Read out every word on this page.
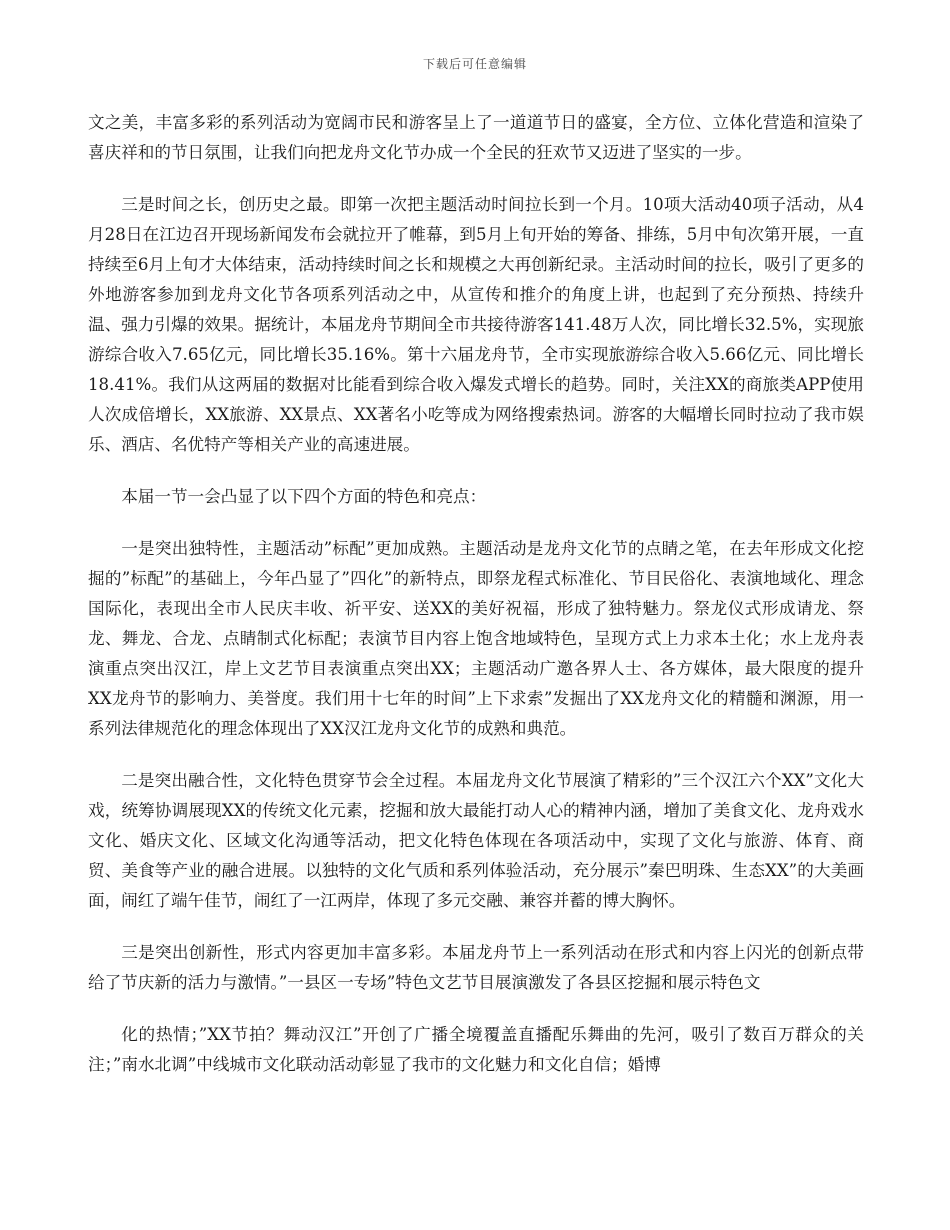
下载后可任意编辑

文之美，丰富多彩的系列活动为宽阔市民和游客呈上了一道道节日的盛宴，全方位、立体化营造和渲染了喜庆祥和的节日氛围，让我们向把龙舟文化节办成一个全民的狂欢节又迈进了坚实的一步。

三是时间之长，创历史之最。即第一次把主题活动时间拉长到一个月。10项大活动40项子活动，从4月28日在江边召开现场新闻发布会就拉开了帷幕，到5月上旬开始的筹备、排练，5月中旬次第开展，一直持续至6月上旬才大体结束，活动持续时间之长和规模之大再创新纪录。主活动时间的拉长，吸引了更多的外地游客参加到龙舟文化节各项系列活动之中，从宣传和推介的角度上讲，也起到了充分预热、持续升温、强力引爆的效果。据统计，本届龙舟节期间全市共接待游客141.48万人次，同比增长32.5%，实现旅游综合收入7.65亿元，同比增长35.16%。第十六届龙舟节，全市实现旅游综合收入5.66亿元、同比增长18.41%。我们从这两届的数据对比能看到综合收入爆发式增长的趋势。同时，关注XX的商旅类APP使用人次成倍增长，XX旅游、XX景点、XX著名小吃等成为网络搜索热词。游客的大幅增长同时拉动了我市娱乐、酒店、名优特产等相关产业的高速进展。

本届一节一会凸显了以下四个方面的特色和亮点：

一是突出独特性，主题活动”标配”更加成熟。主题活动是龙舟文化节的点睛之笔，在去年形成文化挖掘的”标配”的基础上，今年凸显了”四化”的新特点，即祭龙程式标准化、节目民俗化、表演地域化、理念国际化，表现出全市人民庆丰收、祈平安、送XX的美好祝福，形成了独特魅力。祭龙仪式形成请龙、祭龙、舞龙、合龙、点睛制式化标配；表演节目内容上饱含地域特色，呈现方式上力求本土化；水上龙舟表演重点突出汉江，岸上文艺节目表演重点突出XX；主题活动广邀各界人士、各方媒体，最大限度的提升XX龙舟节的影响力、美誉度。我们用十七年的时间”上下求索”发掘出了XX龙舟文化的精髓和渊源，用一系列法律规范化的理念体现出了XX汉江龙舟文化节的成熟和典范。

二是突出融合性，文化特色贯穿节会全过程。本届龙舟文化节展演了精彩的”三个汉江六个XX”文化大戏，统筹协调展现XX的传统文化元素，挖掘和放大最能打动人心的精神内涵，增加了美食文化、龙舟戏水文化、婚庆文化、区域文化沟通等活动，把文化特色体现在各项活动中，实现了文化与旅游、体育、商贸、美食等产业的融合进展。以独特的文化气质和系列体验活动，充分展示”秦巴明珠、生态XX”的大美画面，闹红了端午佳节，闹红了一江两岸，体现了多元交融、兼容并蓄的博大胸怀。

三是突出创新性，形式内容更加丰富多彩。本届龙舟节上一系列活动在形式和内容上闪光的创新点带给了节庆新的活力与激情。”一县区一专场”特色文艺节目展演激发了各县区挖掘和展示特色文

化的热情；”XX节拍？舞动汉江”开创了广播全境覆盖直播配乐舞曲的先河，吸引了数百万群众的关注；”南水北调”中线城市文化联动活动彰显了我市的文化魅力和文化自信；婚博
